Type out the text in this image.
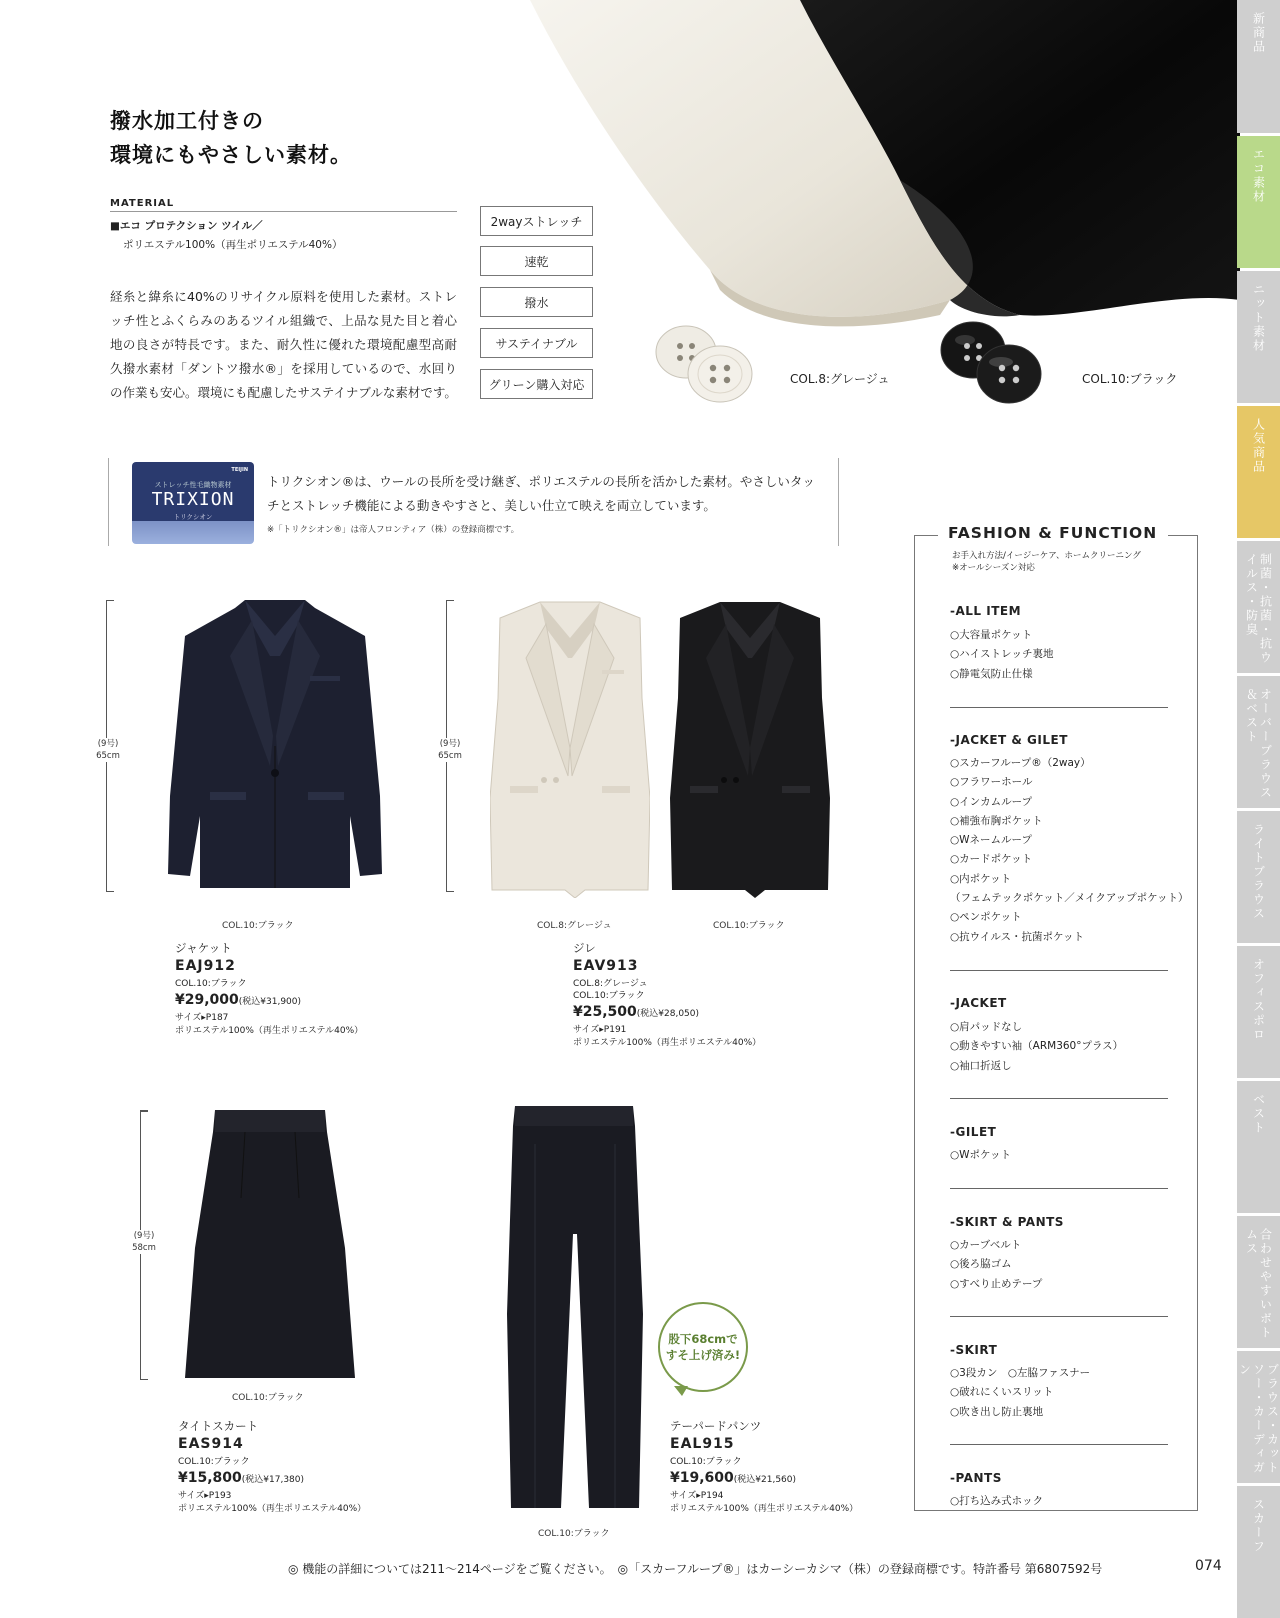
撥水加工付きの
環境にもやさしい素材。
MATERIAL
■エコ プロテクション ツイル／
ポリエステル100%（再生ポリエステル40%）
経糸と緯糸に40%のリサイクル原料を使用した素材。ストレッチ性とふくらみのあるツイル組織で、上品な見た目と着心地の良さが特長です。また、耐久性に優れた環境配慮型高耐久撥水素材「ダントツ撥水®」を採用しているので、水回りの作業も安心。環境にも配慮したサステイナブルな素材です。
2wayストレッチ
速乾
撥水
サステイナブル
グリーン購入対応	COL.8:グレージュ	COL.10:ブラック
TEIJIN
ストレッチ性毛織物素材
TRIXION
トリクシオン
トリクシオン®は、ウールの長所を受け継ぎ、ポリエステルの長所を活かした素材。やさしいタッチとストレッチ機能による動きやすさと、美しい仕立て映えを両立しています。
※「トリクシオン®」は帝人フロンティア（株）の登録商標です。
(9号)
65cm
COL.10:ブラック
ジャケット
EAJ912
COL.10:ブラック
¥29,000(税込¥31,900)
サイズ▸P187
ポリエステル100%（再生ポリエステル40%）
(9号)
65cm
COL.8:グレージュ	COL.10:ブラック
ジレ
EAV913
COL.8:グレージュ
COL.10:ブラック
¥25,500(税込¥28,050)
サイズ▸P191
ポリエステル100%（再生ポリエステル40%）
(9号)
58cm
COL.10:ブラック
タイトスカート
EAS914
COL.10:ブラック
¥15,800(税込¥17,380)
サイズ▸P193
ポリエステル100%（再生ポリエステル40%）
COL.10:ブラック
股下68cmで
すそ上げ済み!
テーパードパンツ
EAL915
COL.10:ブラック
¥19,600(税込¥21,560)
サイズ▸P194
ポリエステル100%（再生ポリエステル40%）
FASHION & FUNCTION
お手入れ方法/イージーケア、ホームクリーニング
※オールシーズン対応
-ALL ITEM
○大容量ポケット
○ハイストレッチ裏地
○静電気防止仕様
-JACKET & GILET
○スカーフループ®（2way）
○フラワーホール
○インカムループ
○補強布胸ポケット
○Wネームループ
○カードポケット
○内ポケット
（フェムテックポケット／メイクアップポケット）
○ペンポケット
○抗ウイルス・抗菌ポケット
-JACKET
○肩パッドなし
○動きやすい袖（ARM360°プラス）
○袖口折返し
-GILET
○Wポケット
-SKIRT & PANTS
○カーブベルト
○後ろ脇ゴム
○すべり止めテープ
-SKIRT
○3段カン　○左脇ファスナー
○破れにくいスリット
○吹き出し防止裏地
-PANTS
○打ち込み式ホック
新商品
エコ素材
ニット素材
人気商品
制菌・抗菌・抗ウイルス・防臭
オーバーブラウス＆ベスト
ライトブラウス
オフィスポロ
ベスト
合わせやすいボトムス
ブラウス・カットソー・カーディガン
スカーフ
◎ 機能の詳細については211〜214ページをご覧ください。　◎「スカーフループ®」はカーシーカシマ（株）の登録商標です。特許番号 第6807592号	074
